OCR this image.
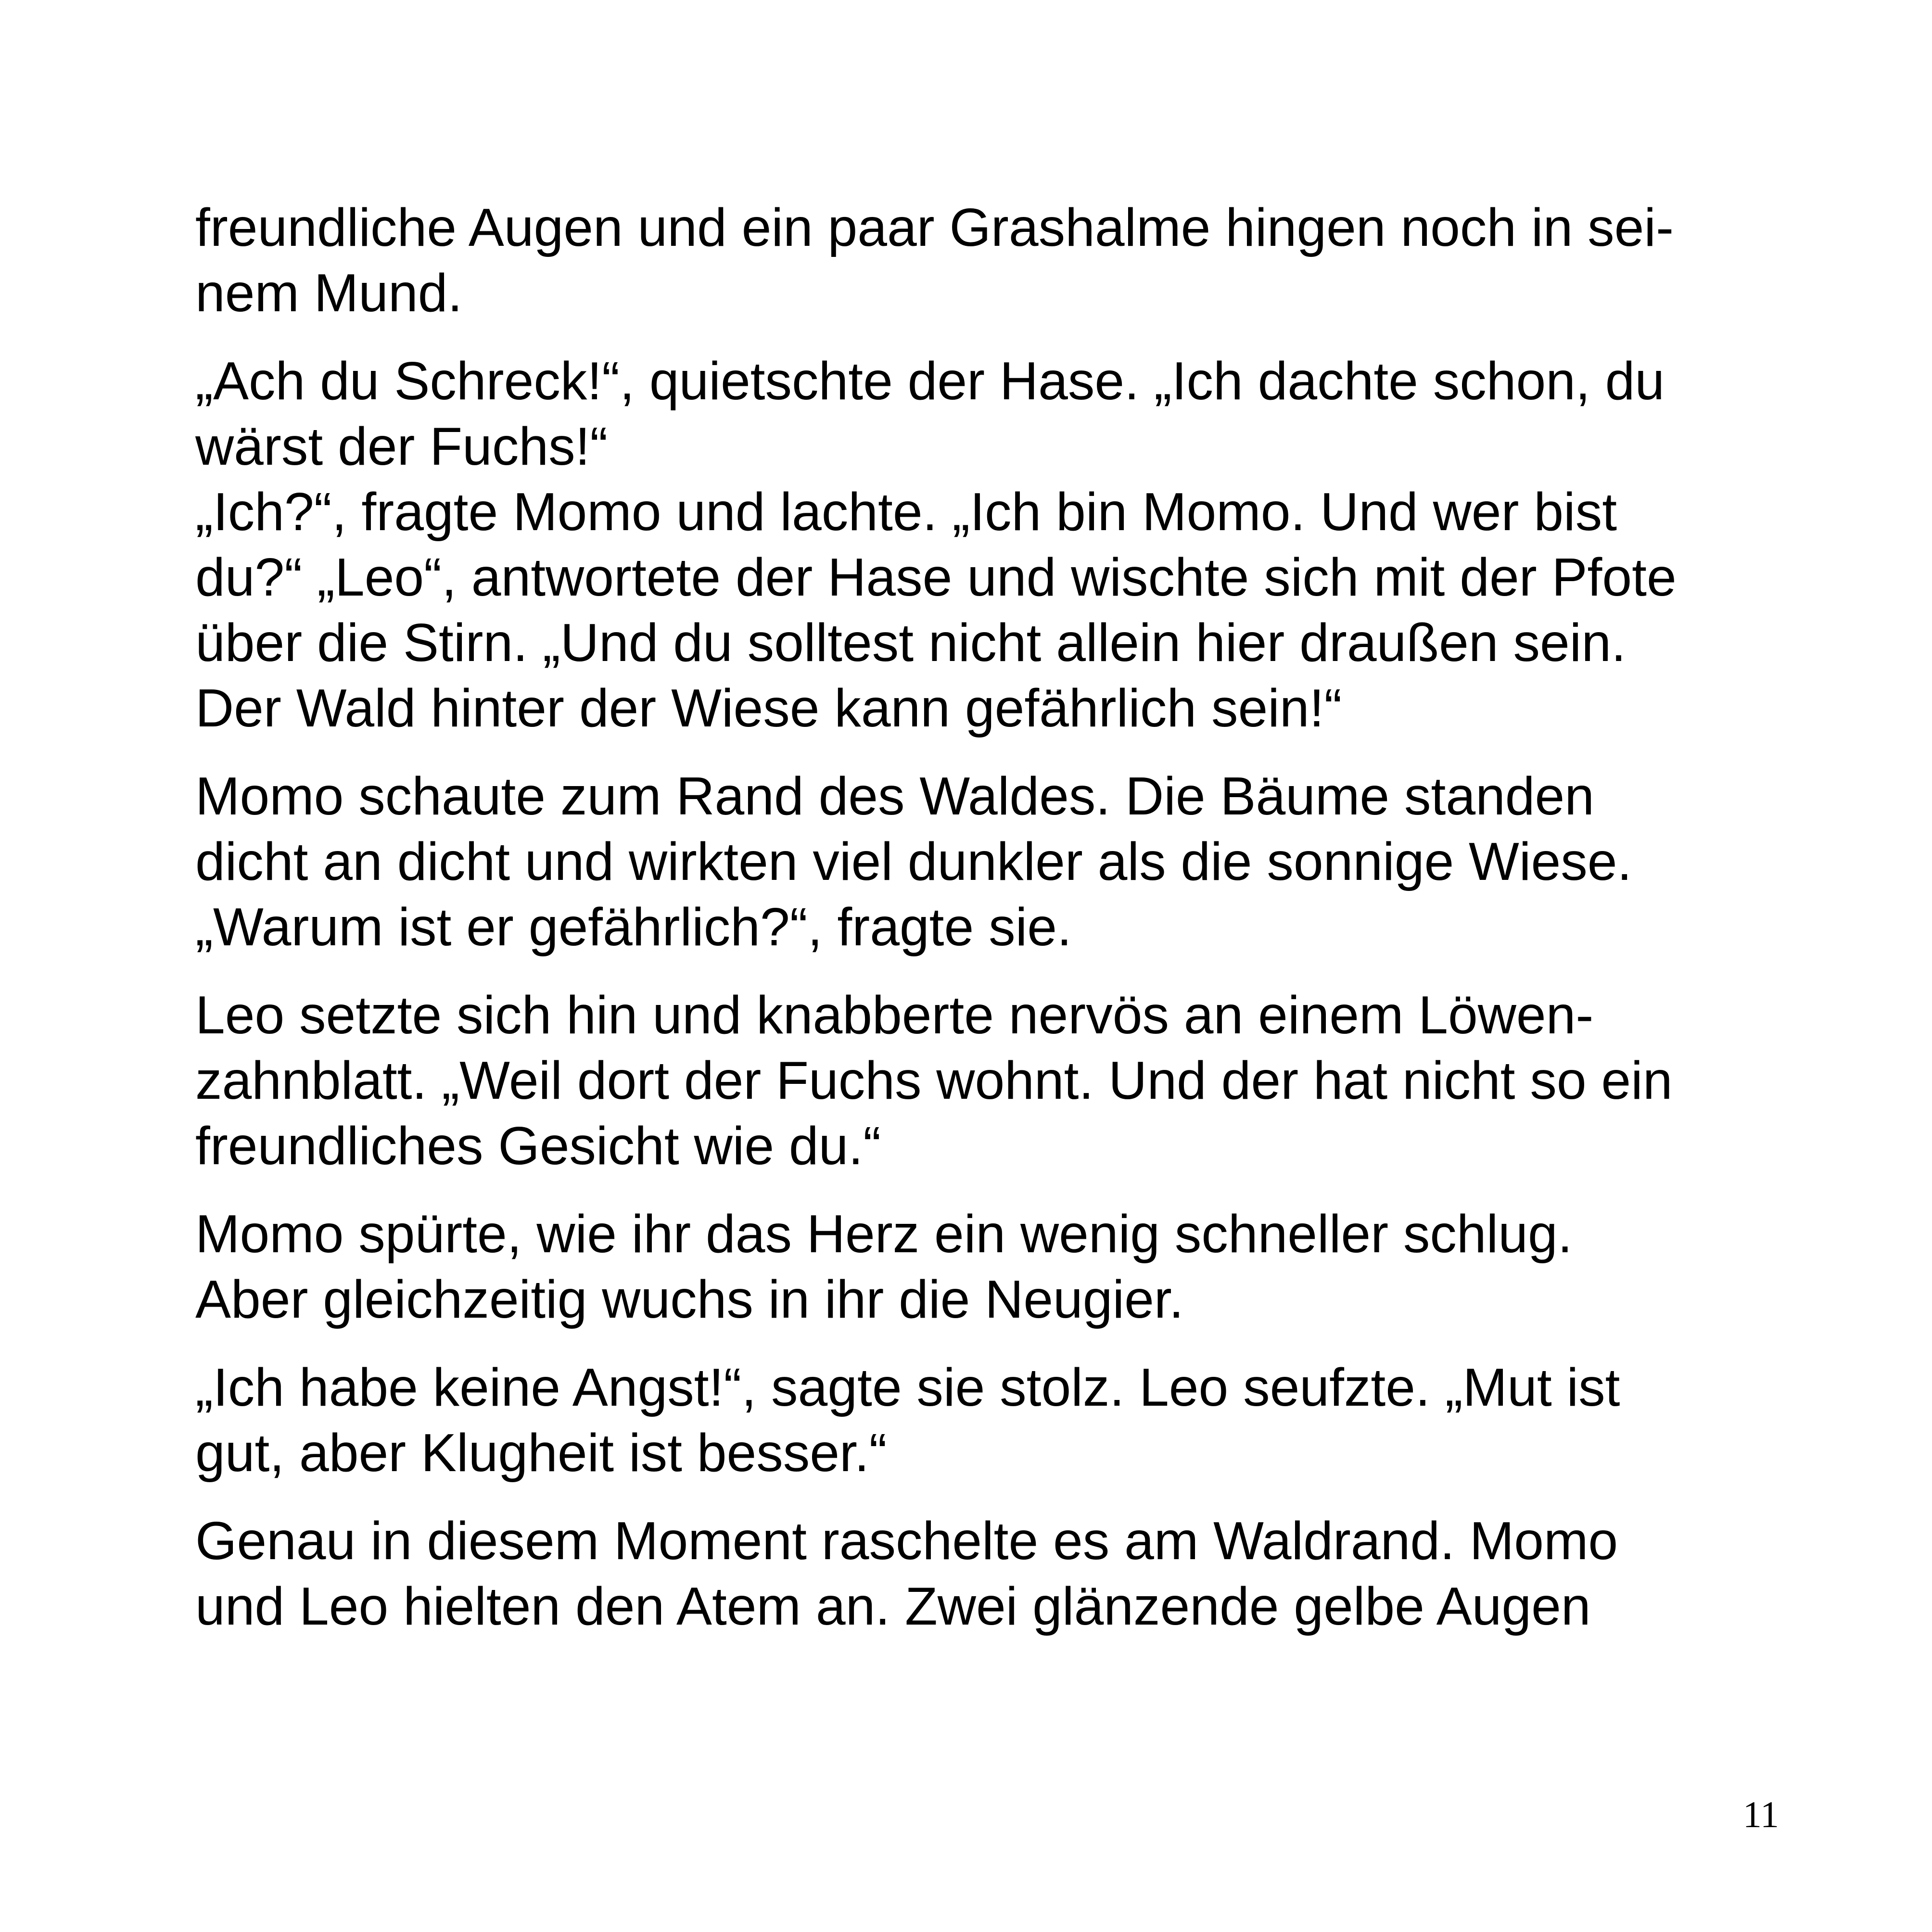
freundliche Augen und ein paar Grashalme hingen noch in sei-
nem Mund.

„Ach du Schreck!“, quietschte der Hase. „Ich dachte schon, du
wärst der Fuchs!“
„Ich?“, fragte Momo und lachte. „Ich bin Momo. Und wer bist
du?“ „Leo“, antwortete der Hase und wischte sich mit der Pfote
über die Stirn. „Und du solltest nicht allein hier draußen sein.
Der Wald hinter der Wiese kann gefährlich sein!“

Momo schaute zum Rand des Waldes. Die Bäume standen
dicht an dicht und wirkten viel dunkler als die sonnige Wiese.
„Warum ist er gefährlich?“, fragte sie.

Leo setzte sich hin und knabberte nervös an einem Löwen-
zahnblatt. „Weil dort der Fuchs wohnt. Und der hat nicht so ein
freundliches Gesicht wie du.“

Momo spürte, wie ihr das Herz ein wenig schneller schlug.
Aber gleichzeitig wuchs in ihr die Neugier.

„Ich habe keine Angst!“, sagte sie stolz. Leo seufzte. „Mut ist
gut, aber Klugheit ist besser.“

Genau in diesem Moment raschelte es am Waldrand. Momo
und Leo hielten den Atem an. Zwei glänzende gelbe Augen

11
